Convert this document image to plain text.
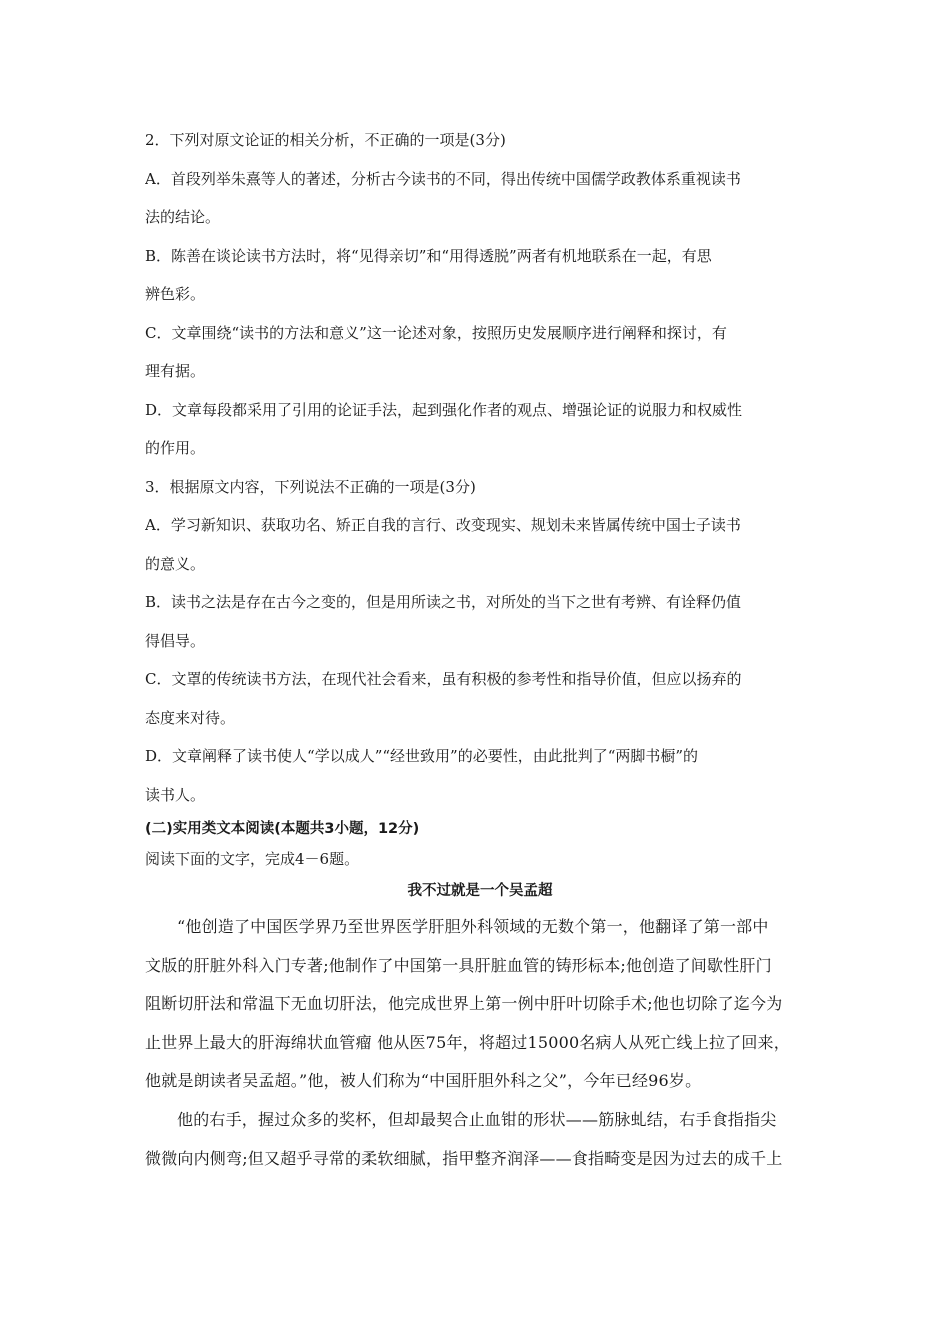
2．下列对原文论证的相关分析，不正确的一项是(3分)
A．首段列举朱熹等人的著述，分析古今读书的不同，得出传统中国儒学政教体系重视读书
法的结论。
B．陈善在谈论读书方法时，将“见得亲切”和“用得透脱”两者有机地联系在一起，有思
辨色彩。
C．文章围绕“读书的方法和意义”这一论述对象，按照历史发展顺序进行阐释和探讨，有
理有据。
D．文章每段都采用了引用的论证手法，起到强化作者的观点、增强论证的说服力和权威性
的作用。
3．根据原文内容，下列说法不正确的一项是(3分)
A．学习新知识、获取功名、矫正自我的言行、改变现实、规划未来皆属传统中国士子读书
的意义。
B．读书之法是存在古今之变的，但是用所读之书，对所处的当下之世有考辨、有诠释仍值
得倡导。
C．文罩的传统读书方法，在现代社会看来，虽有积极的参考性和指导价值，但应以扬弃的
态度来对待。
D．文章阐释了读书使人“学以成人”“经世致用”的必要性，由此批判了“两脚书橱”的
读书人。
(二)实用类文本阅读(本题共3小题，12分)
阅读下面的文字，完成4－6题。
我不过就是一个吴孟超
“他创造了中国医学界乃至世界医学肝胆外科领域的无数个第一，他翻译了第一部中
文版的肝脏外科入门专著;他制作了中国第一具肝脏血管的铸形标本;他创造了间歇性肝门
阻断切肝法和常温下无血切肝法，他完成世界上第一例中肝叶切除手术;他也切除了迄今为
止世界上最大的肝海绵状血管瘤 他从医75年，将超过15000名病人从死亡线上拉了回来，
他就是朗读者吴孟超。”他，被人们称为“中国肝胆外科之父”，今年已经96岁。
他的右手，握过众多的奖杯，但却最契合止血钳的形状——筋脉虬结，右手食指指尖
微微向内侧弯;但又超乎寻常的柔软细腻，指甲整齐润泽——食指畸变是因为过去的成千上
